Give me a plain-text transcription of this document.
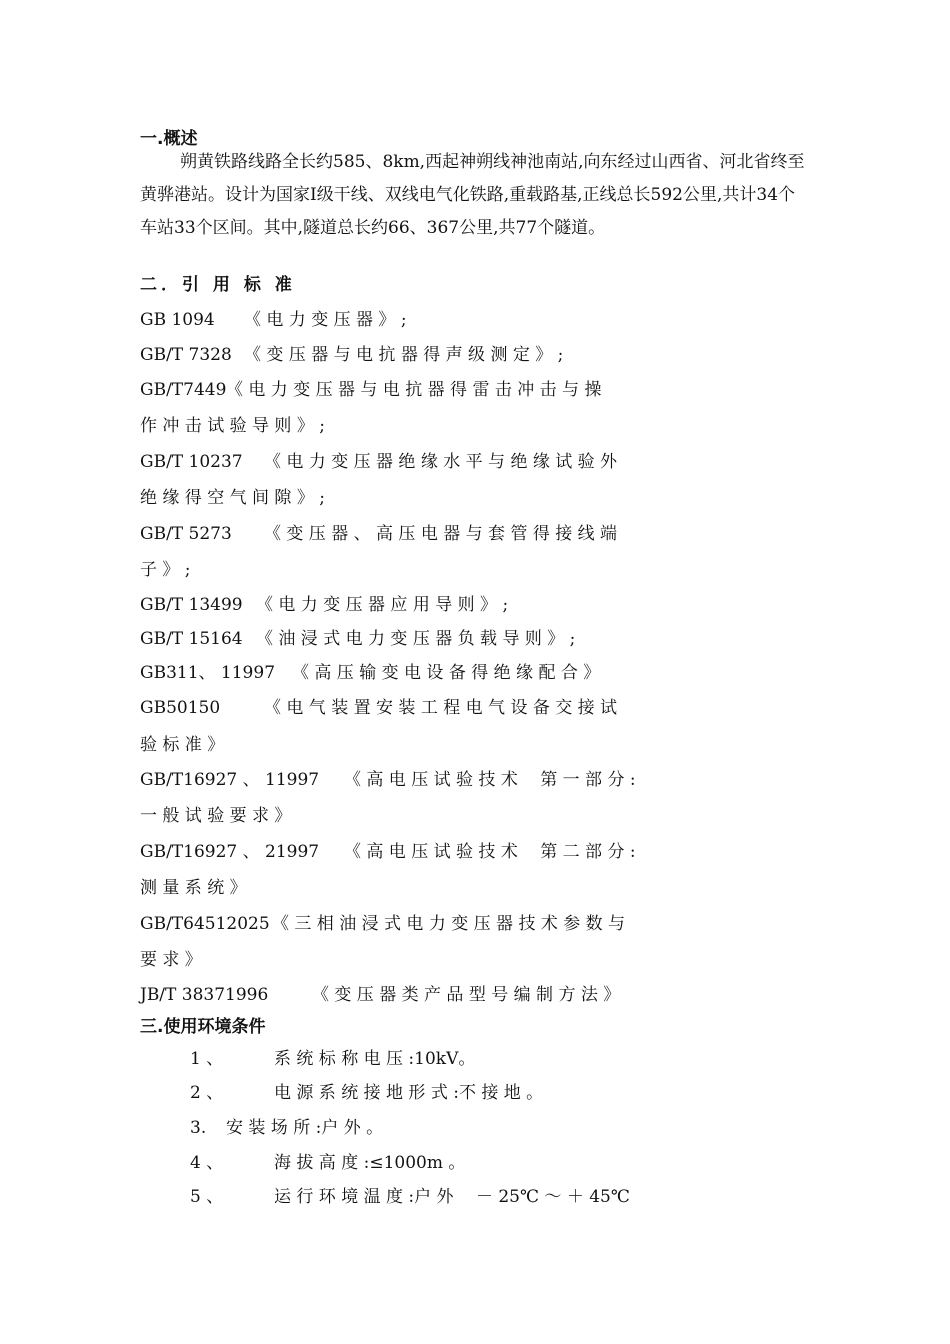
一.概述
朔黄铁路线路全长约585、8km,西起神朔线神池南站,向东经过山西省、河北省终至黄骅港站。设计为国家Ⅰ级干线、双线电气化铁路,重载路基,正线总长592公里,共计34个车站33个区间。其中,隧道总长约66、367公里,共77个隧道。
二．引 用 标 准
GB 1094 《 电 力 变 压 器 》 ;
GB/T 7328 《 变 压 器 与 电 抗 器 得 声 级 测 定 》 ;
GB/T7449《 电 力 变 压 器 与 电 抗 器 得 雷 击 冲 击 与 操
作 冲 击 试 验 导 则 》 ;
GB/T 10237 《 电 力 变 压 器 绝 缘 水 平 与 绝 缘 试 验 外
绝 缘 得 空 气 间 隙 》 ;
GB/T 5273 《 变 压 器 、 高 压 电 器 与 套 管 得 接 线 端
子 》 ;
GB/T 13499 《 电 力 变 压 器 应 用 导 则 》 ;
GB/T 15164 《 油 浸 式 电 力 变 压 器 负 载 导 则 》 ;
GB311、 11997 《 高 压 输 变 电 设 备 得 绝 缘 配 合 》
GB50150	《 电 气 装 置 安 装 工 程 电 气 设 备 交 接 试
验 标 准 》
GB/T16927 、 11997 《 高 电 压 试 验 技 术　 第 一 部 分 :
一 般 试 验 要 求 》
GB/T16927 、 21997 《 高 电 压 试 验 技 术　 第 二 部 分 :
测 量 系 统 》
GB/T64512025 《 三 相 油 浸 式 电 力 变 压 器 技 术 参 数 与
要 求 》
JB/T 38371996	《 变 压 器 类 产 品 型 号 编 制 方 法 》
三.使用环境条件
1 、	系 统 标 称 电 压 :10kV。
2 、	电 源 系 统 接 地 形 式 :不 接 地 。
3. 安 装 场 所 :户 外 。
4 、	海 拔 高 度 :≤1000m 。
5 、	运 行 环 境 温 度 :户 外 　－ 25℃ ～ ＋ 45℃
